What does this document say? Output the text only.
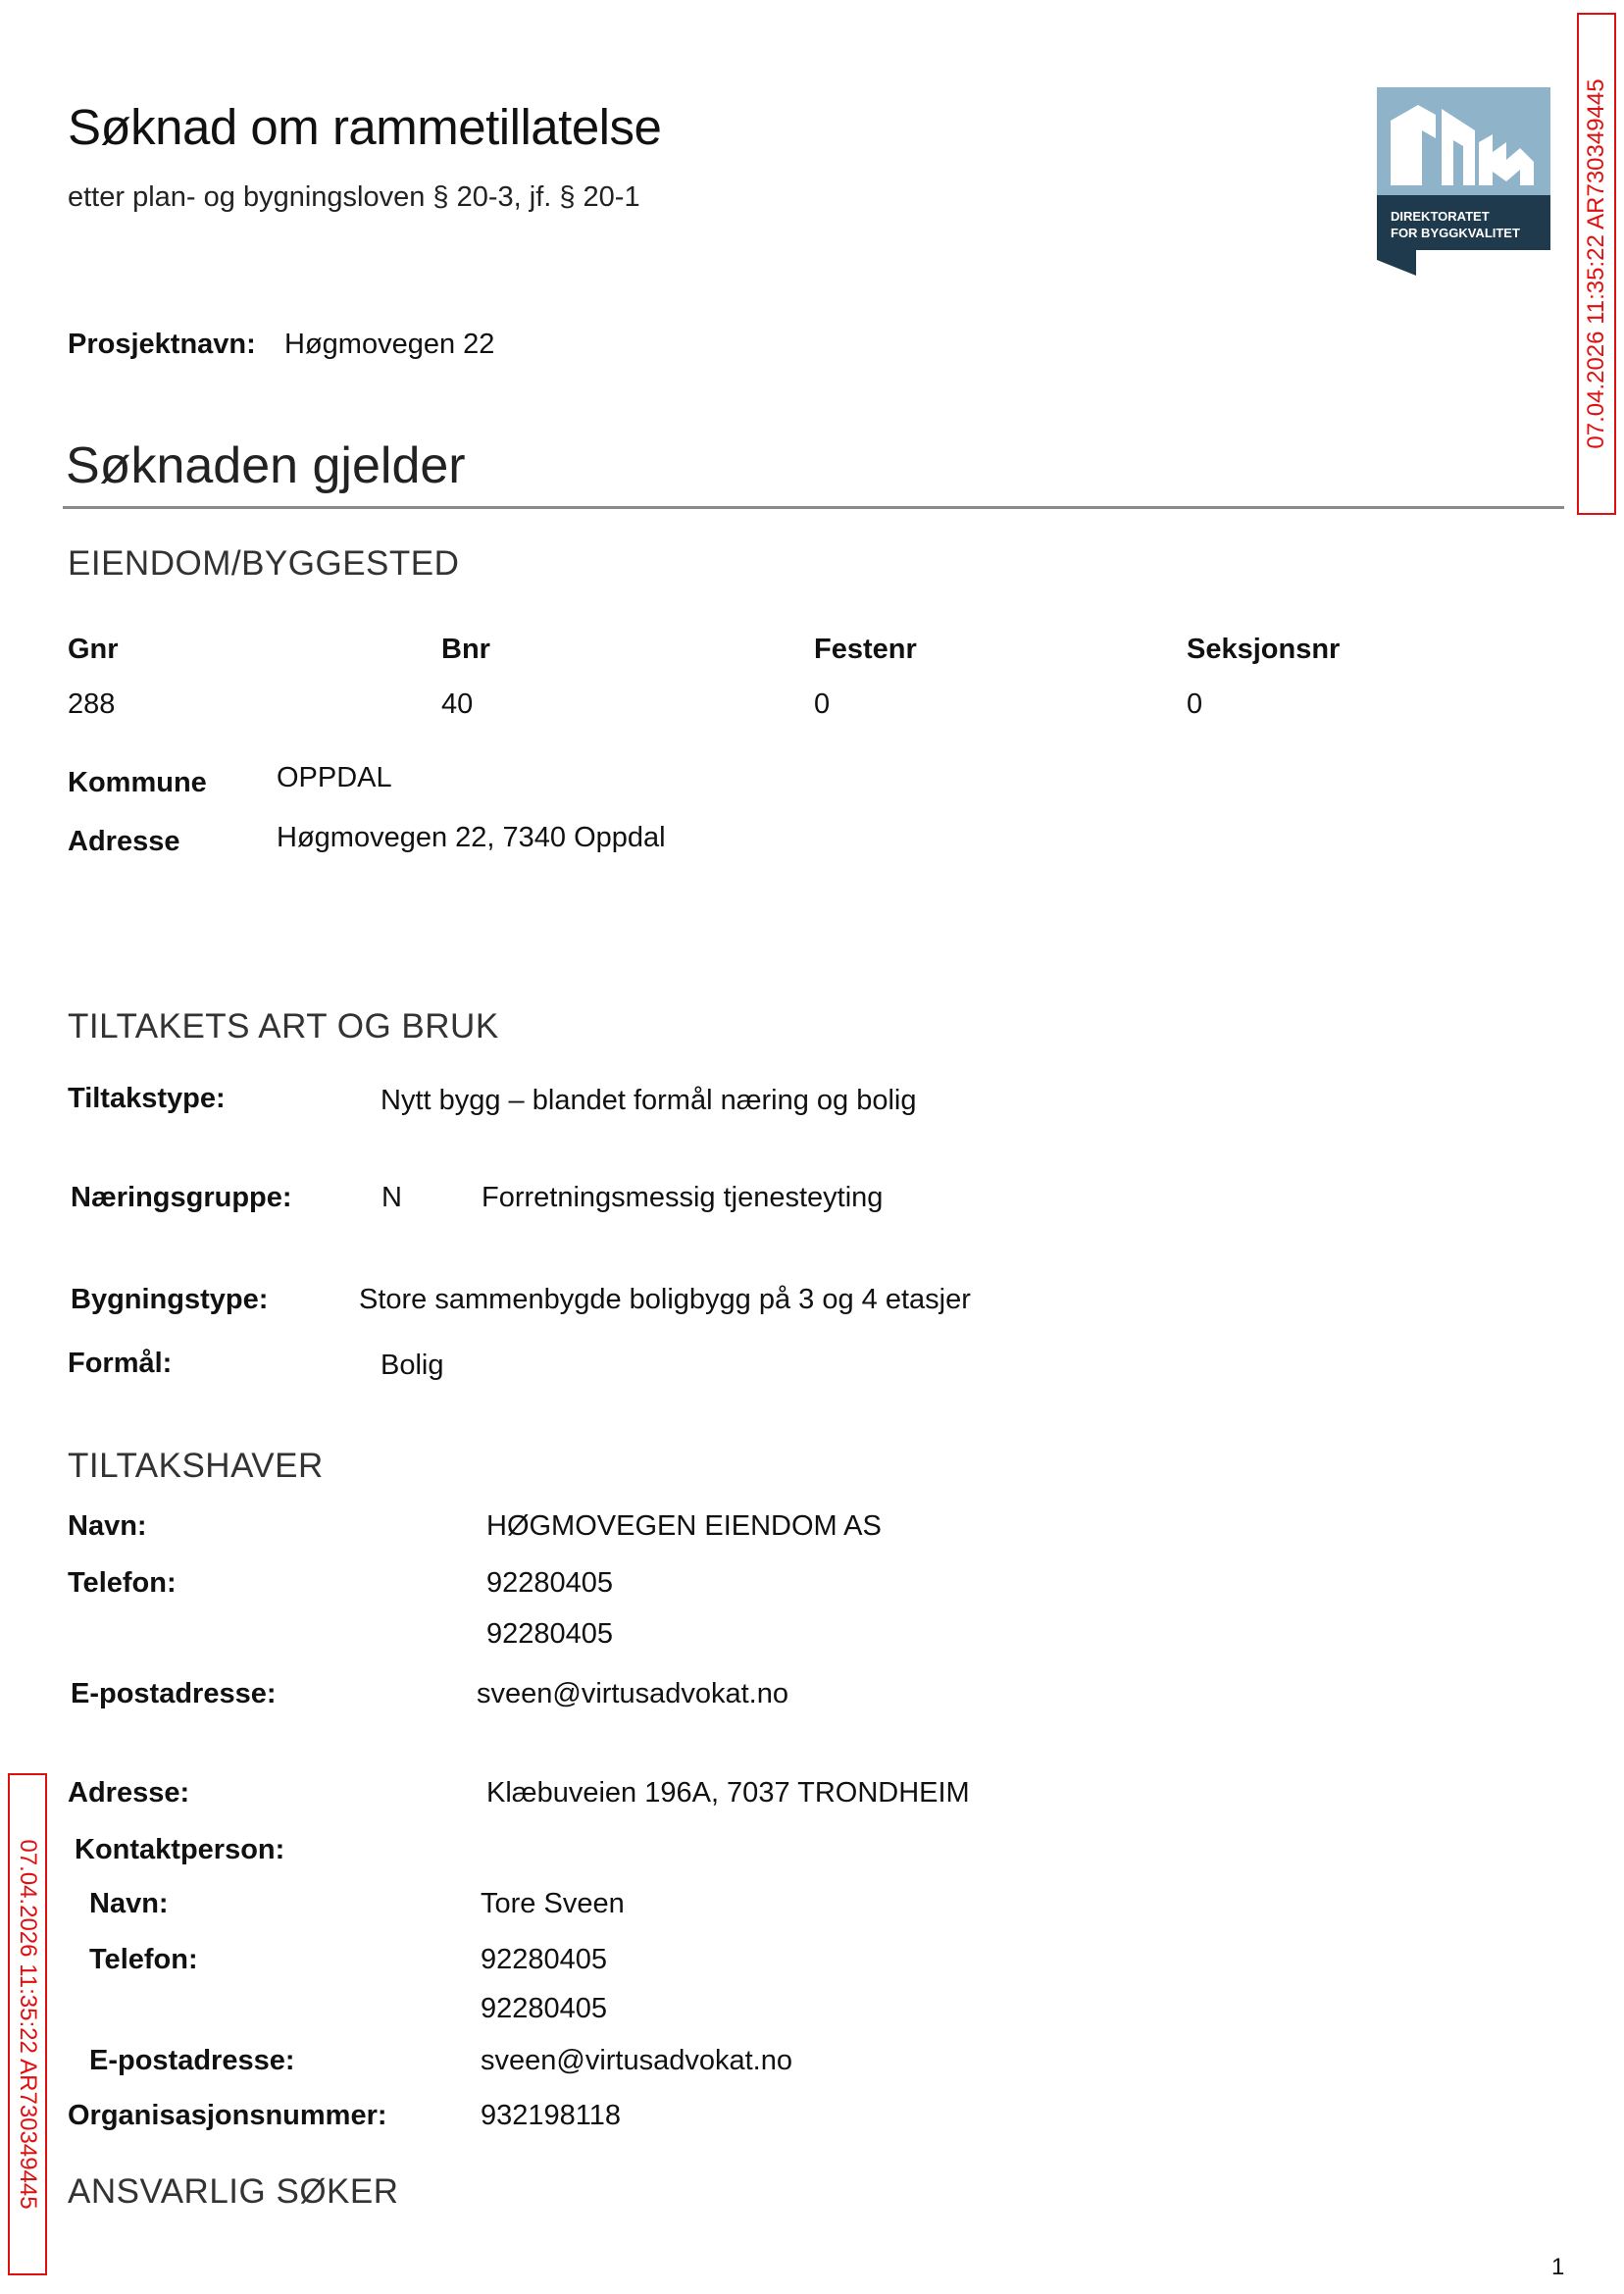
Søknad om rammetillatelse
etter plan- og bygningsloven § 20-3, jf. § 20-1
Prosjektnavn: Høgmovegen 22
DIREKTORATET
FOR BYGGKVALITET	07.04.2026 11:35:22 AR730349445
07.04.2026 11:35:22 AR730349445
Søknaden gjelder
EIENDOM/BYGGESTED
Gnr	Bnr	Festenr	Seksjonsnr
288	40	0	0
Kommune OPPDAL
Adresse	Høgmovegen 22, 7340 Oppdal
TILTAKETS ART OG BRUK
Tiltakstype:	Nytt bygg – blandet formål næring og bolig
Næringsgruppe:	N	Forretningsmessig tjenesteyting
Bygningstype:	Store sammenbygde boligbygg på 3 og 4 etasjer
Formål:	Bolig
TILTAKSHAVER
Navn:	HØGMOVEGEN EIENDOM AS
Telefon:	92280405
92280405
E-postadresse:	sveen@virtusadvokat.no
Adresse:	Klæbuveien 196A, 7037 TRONDHEIM
Kontaktperson:
Navn:	Tore Sveen
Telefon:	92280405
92280405
E-postadresse:	sveen@virtusadvokat.no
Organisasjonsnummer:	932198118
ANSVARLIG SØKER
1
